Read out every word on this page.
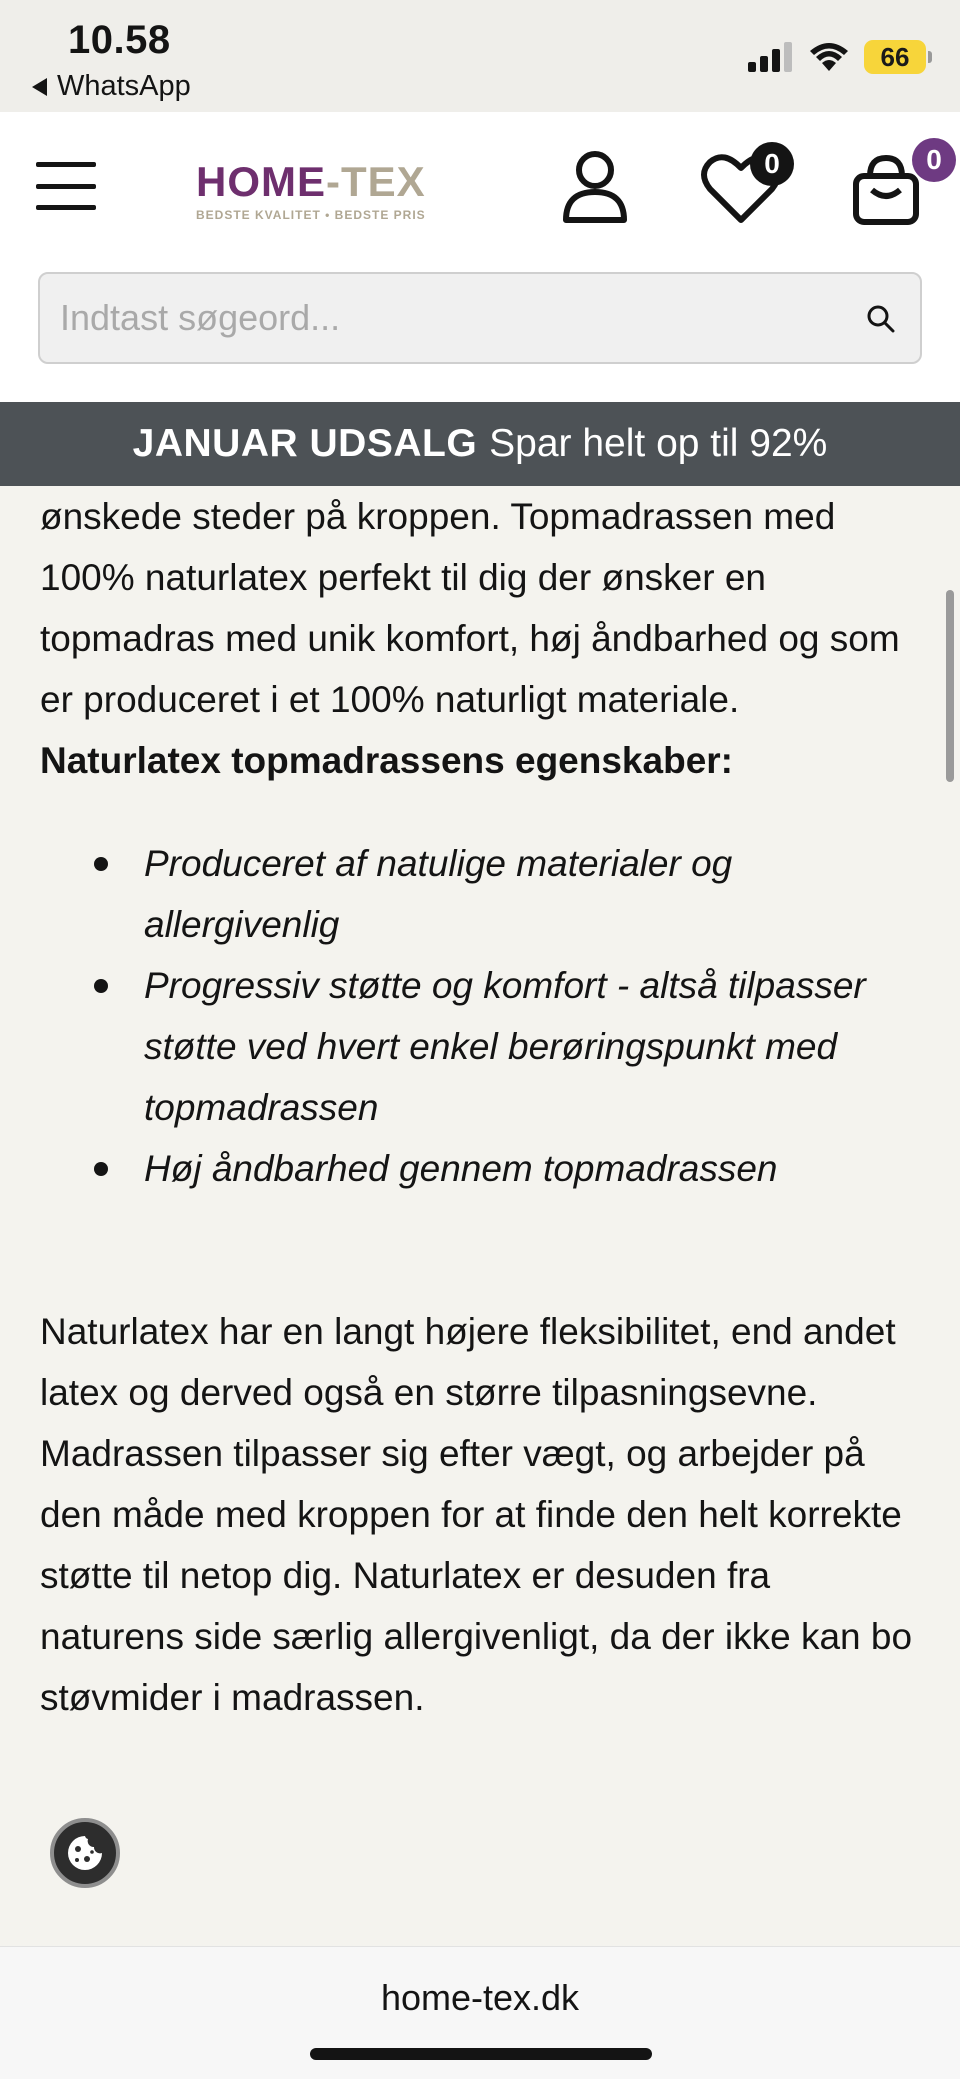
10.58
WhatsApp
66
HOME-TEX
BEDSTE KVALITET • BEDSTE PRIS
0	0
Indtast søgeord...
JANUAR UDSALG Spar helt op til 92%

ønskede steder på kroppen. Topmadrassen med 100% naturlatex perfekt til dig der ønsker en topmadras med unik komfort, høj åndbarhed og som er produceret i et 100% naturligt materiale.

Naturlatex topmadrassens egenskaber:

Produceret af natulige materialer og allergivenlig
Progressiv støtte og komfort - altså tilpasser støtte ved hvert enkel berøringspunkt med topmadrassen
Høj åndbarhed gennem topmadrassen

Naturlatex har en langt højere fleksibilitet, end andet latex og derved også en større tilpasningsevne. Madrassen tilpasser sig efter vægt, og arbejder på den måde med kroppen for at finde den helt korrekte støtte til netop dig. Naturlatex er desuden fra naturens side særlig allergivenligt, da der ikke kan bo støvmider i madrassen.

home-tex.dk
